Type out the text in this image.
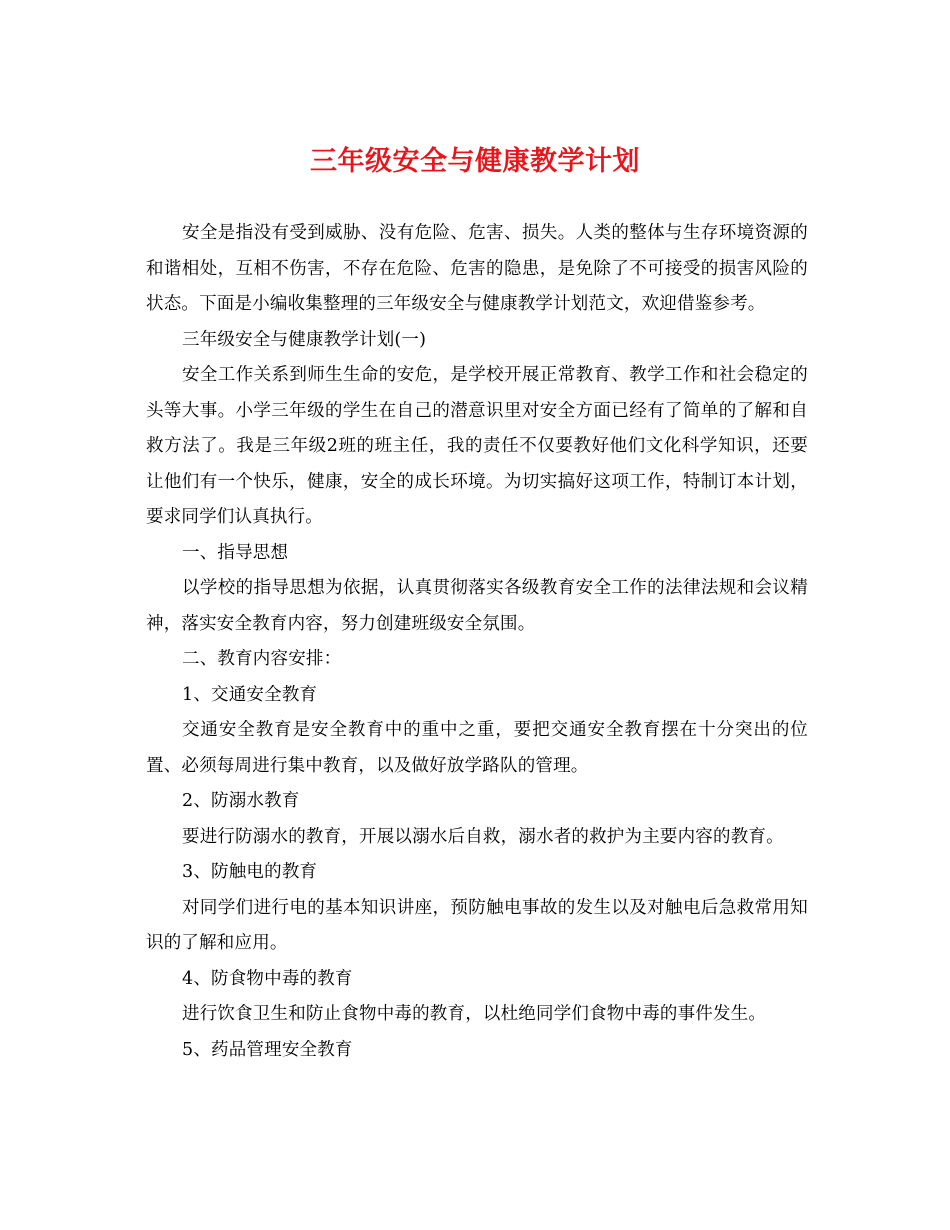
三年级安全与健康教学计划

安全是指没有受到威胁、没有危险、危害、损失。人类的整体与生存环境资源的和谐相处，互相不伤害，不存在危险、危害的隐患，是免除了不可接受的损害风险的状态。下面是小编收集整理的三年级安全与健康教学计划范文，欢迎借鉴参考。

三年级安全与健康教学计划(一)

安全工作关系到师生生命的安危，是学校开展正常教育、教学工作和社会稳定的头等大事。小学三年级的学生在自己的潜意识里对安全方面已经有了简单的了解和自救方法了。我是三年级2班的班主任，我的责任不仅要教好他们文化科学知识，还要让他们有一个快乐，健康，安全的成长环境。为切实搞好这项工作，特制订本计划，要求同学们认真执行。

一、指导思想

以学校的指导思想为依据，认真贯彻落实各级教育安全工作的法律法规和会议精神，落实安全教育内容，努力创建班级安全氛围。

二、教育内容安排：

1、交通安全教育

交通安全教育是安全教育中的重中之重，要把交通安全教育摆在十分突出的位置、必须每周进行集中教育，以及做好放学路队的管理。

2、防溺水教育

要进行防溺水的教育，开展以溺水后自救，溺水者的救护为主要内容的教育。

3、防触电的教育

对同学们进行电的基本知识讲座，预防触电事故的发生以及对触电后急救常用知识的了解和应用。

4、防食物中毒的教育

进行饮食卫生和防止食物中毒的教育，以杜绝同学们食物中毒的事件发生。

5、药品管理安全教育
